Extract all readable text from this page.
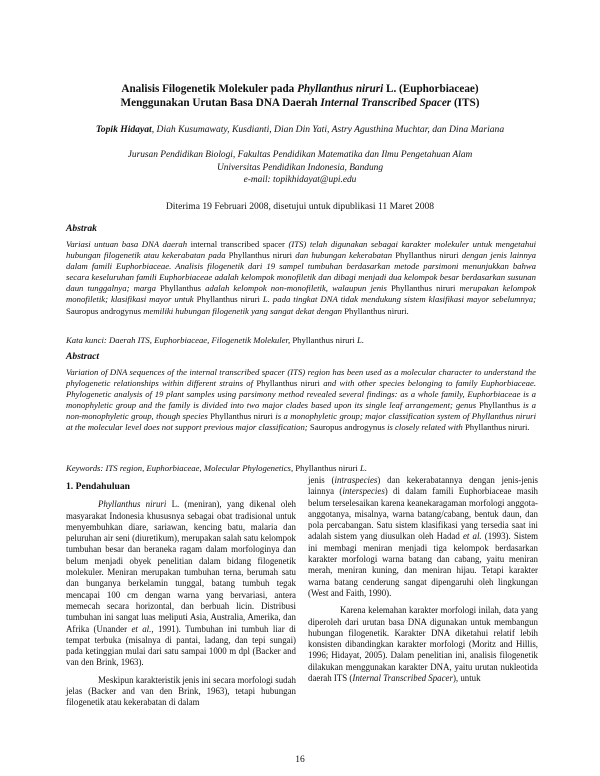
Analisis Filogenetik Molekuler pada Phyllanthus niruri L. (Euphorbiaceae)
Menggunakan Urutan Basa DNA Daerah Internal Transcribed Spacer (ITS)
Topik Hidayat, Diah Kusumawaty, Kusdianti, Dian Din Yati, Astry Agusthina Muchtar, dan Dina Mariana
Jurusan Pendidikan Biologi, Fakultas Pendidikan Matematika dan Ilmu Pengetahuan Alam
Universitas Pendidikan Indonesia, Bandung
e-mail: topikhidayat@upi.edu
Diterima 19 Februari 2008, disetujui untuk dipublikasi 11 Maret 2008
Abstrak
Variasi untuan basa DNA daerah internal transcribed spacer (ITS) telah digunakan sebagai karakter molekuler untuk mengetahui hubungan filogenetik atau kekerabatan pada Phyllanthus niruri dan hubungan kekerabatan Phyllanthus niruri dengan jenis lainnya dalam famili Euphorbiaceae. Analisis filogenetik dari 19 sampel tumbuhan berdasarkan metode parsimoni menunjukkan bahwa secara keseluruhan famili Euphorbiaceae adalah kelompok monofiletik dan dibagi menjadi dua kelompok besar berdasarkan susunan daun tunggalnya; marga Phyllanthus adalah kelompok non-monofiletik, walaupun jenis Phyllanthus niruri merupakan kelompok monofiletik; klasifikasi mayor untuk Phyllanthus niruri L. pada tingkat DNA tidak mendukung sistem klasifikasi mayor sebelumnya; Sauropus androgynus memiliki hubungan filogenetik yang sangat dekat dengan Phyllanthus niruri.
Kata kunci: Daerah ITS, Euphorbiaceae, Filogenetik Molekuler, Phyllanthus niruri L.
Abstract
Variation of DNA sequences of the internal transcribed spacer (ITS) region has been used as a molecular character to understand the phylogenetic relationships within different strains of Phyllanthus niruri and with other species belonging to family Euphorbiaceae. Phylogenetic analysis of 19 plant samples using parsimony method revealed several findings: as a whole family, Euphorbiaceae is a monophyletic group and the family is divided into two major clades based upon its single leaf arrangement; genus Phyllanthus is a non-monophyletic group, though species Phyllanthus niruri is a monophyletic group; major classification system of Phyllanthus niruri at the molecular level does not support previous major classification; Sauropus androgynus is closely related with Phyllanthus niruri.
Keywords: ITS region, Euphorbiaceae, Molecular Phylogenetics, Phyllanthus niruri L.
1. Pendahuluan

Phyllanthus niruri L. (meniran), yang dikenal oleh masyarakat Indonesia khususnya sebagai obat tradisional untuk menyembuhkan diare, sariawan, kencing batu, malaria dan peluruhan air seni (diuretikum), merupakan salah satu kelompok tumbuhan besar dan beraneka ragam dalam morfologinya dan belum menjadi obyek penelitian dalam bidang filogenetik molekuler. Meniran merupakan tumbuhan terna, berumah satu dan bunganya berkelamin tunggal, batang tumbuh tegak mencapai 100 cm dengan warna yang bervariasi, antera memecah secara horizontal, dan berbuah licin. Distribusi tumbuhan ini sangat luas meliputi Asia, Australia, Amerika, dan Afrika (Unander et al., 1991). Tumbuhan ini tumbuh liar di tempat terbuka (misalnya di pantai, ladang, dan tepi sungai) pada ketinggian mulai dari satu sampai 1000 m dpl (Backer and van den Brink, 1963).

Meskipun karakteristik jenis ini secara morfologi sudah jelas (Backer and van den Brink, 1963), tetapi hubungan filogenetik atau kekerabatan di dalam

jenis (intraspecies) dan kekerabatannya dengan jenis-jenis lainnya (interspecies) di dalam famili Euphorbiaceae masih belum terselesaikan karena keanekaragaman morfologi anggota-anggotanya, misalnya, warna batang/cabang, bentuk daun, dan pola percabangan. Satu sistem klasifikasi yang tersedia saat ini adalah sistem yang diusulkan oleh Hadad et al. (1993). Sistem ini membagi meniran menjadi tiga kelompok berdasarkan karakter morfologi warna batang dan cabang, yaitu meniran merah, meniran kuning, dan meniran hijau. Tetapi karakter warna batang cenderung sangat dipengaruhi oleh lingkungan (West and Faith, 1990).

Karena kelemahan karakter morfologi inilah, data yang diperoleh dari urutan basa DNA digunakan untuk membangun hubungan filogenetik. Karakter DNA diketahui relatif lebih konsisten dibandingkan karakter morfologi (Moritz and Hillis, 1996; Hidayat, 2005). Dalam penelitian ini, analisis filogenetik dilakukan menggunakan karakter DNA, yaitu urutan nukleotida daerah ITS (Internal Transcribed Spacer), untuk

16
